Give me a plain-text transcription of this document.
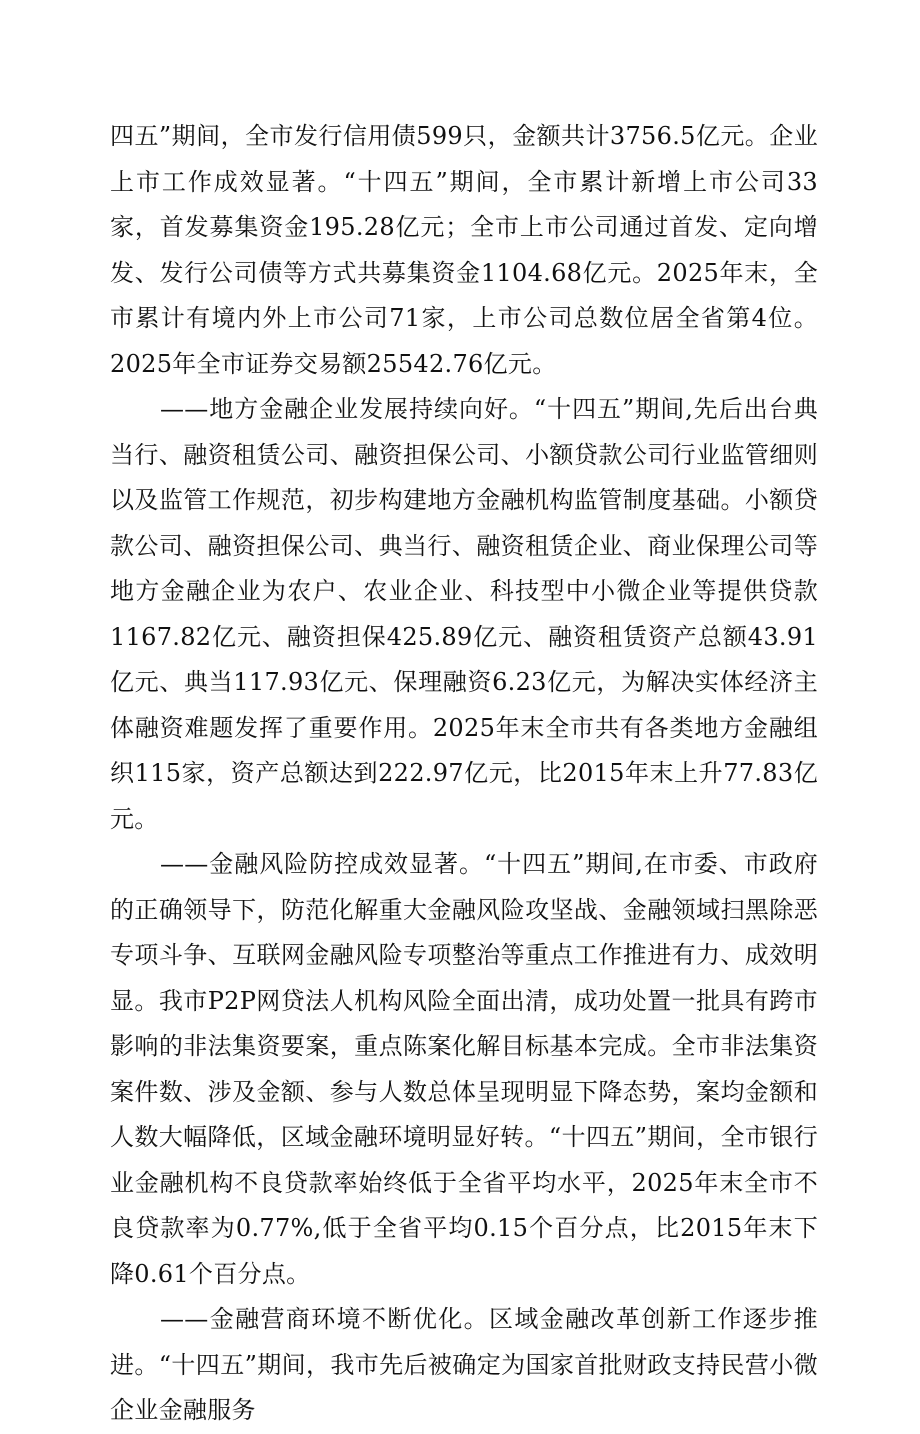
四五”期间，全市发行信用债599只，金额共计3756.5亿元。企业上市工作成效显著。“十四五”期间，全市累计新增上市公司33家，首发募集资金195.28亿元；全市上市公司通过首发、定向增发、发行公司债等方式共募集资金1104.68亿元。2025年末，全市累计有境内外上市公司71家，上市公司总数位居全省第4位。2025年全市证券交易额25542.76亿元。

——地方金融企业发展持续向好。“十四五”期间,先后出台典当行、融资租赁公司、融资担保公司、小额贷款公司行业监管细则以及监管工作规范，初步构建地方金融机构监管制度基础。小额贷款公司、融资担保公司、典当行、融资租赁企业、商业保理公司等地方金融企业为农户、农业企业、科技型中小微企业等提供贷款1167.82亿元、融资担保425.89亿元、融资租赁资产总额43.91亿元、典当117.93亿元、保理融资6.23亿元，为解决实体经济主体融资难题发挥了重要作用。2025年末全市共有各类地方金融组织115家，资产总额达到222.97亿元，比2015年末上升77.83亿元。

——金融风险防控成效显著。“十四五”期间,在市委、市政府的正确领导下，防范化解重大金融风险攻坚战、金融领域扫黑除恶专项斗争、互联网金融风险专项整治等重点工作推进有力、成效明显。我市P2P网贷法人机构风险全面出清，成功处置一批具有跨市影响的非法集资要案，重点陈案化解目标基本完成。全市非法集资案件数、涉及金额、参与人数总体呈现明显下降态势，案均金额和人数大幅降低，区域金融环境明显好转。“十四五”期间，全市银行业金融机构不良贷款率始终低于全省平均水平，2025年末全市不良贷款率为0.77%,低于全省平均0.15个百分点，比2015年末下降0.61个百分点。

——金融营商环境不断优化。区域金融改革创新工作逐步推进。“十四五”期间，我市先后被确定为国家首批财政支持民营小微企业金融服务
